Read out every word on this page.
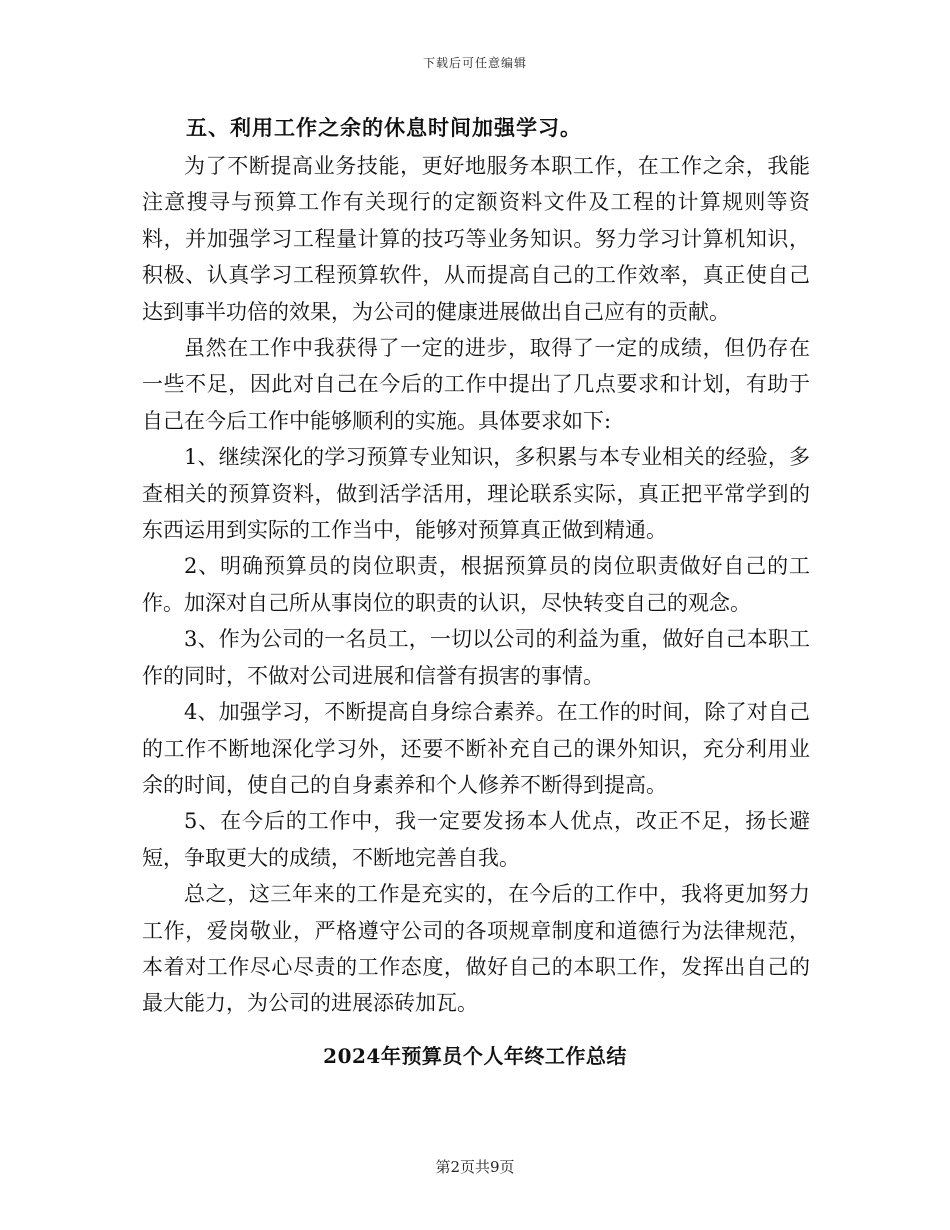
下载后可任意编辑

五、利用工作之余的休息时间加强学习。

为了不断提高业务技能，更好地服务本职工作，在工作之余，我能注意搜寻与预算工作有关现行的定额资料文件及工程的计算规则等资料，并加强学习工程量计算的技巧等业务知识。努力学习计算机知识，积极、认真学习工程预算软件，从而提高自己的工作效率，真正使自己达到事半功倍的效果，为公司的健康进展做出自己应有的贡献。

虽然在工作中我获得了一定的进步，取得了一定的成绩，但仍存在一些不足，因此对自己在今后的工作中提出了几点要求和计划，有助于自己在今后工作中能够顺利的实施。具体要求如下:

1、继续深化的学习预算专业知识，多积累与本专业相关的经验，多查相关的预算资料，做到活学活用，理论联系实际，真正把平常学到的东西运用到实际的工作当中，能够对预算真正做到精通。

2、明确预算员的岗位职责，根据预算员的岗位职责做好自己的工作。加深对自己所从事岗位的职责的认识，尽快转变自己的观念。

3、作为公司的一名员工，一切以公司的利益为重，做好自己本职工作的同时，不做对公司进展和信誉有损害的事情。

4、加强学习，不断提高自身综合素养。在工作的时间，除了对自己的工作不断地深化学习外，还要不断补充自己的课外知识，充分利用业余的时间，使自己的自身素养和个人修养不断得到提高。

5、在今后的工作中，我一定要发扬本人优点，改正不足，扬长避短，争取更大的成绩，不断地完善自我。

总之，这三年来的工作是充实的，在今后的工作中，我将更加努力工作，爱岗敬业，严格遵守公司的各项规章制度和道德行为法律规范，本着对工作尽心尽责的工作态度，做好自己的本职工作，发挥出自己的最大能力，为公司的进展添砖加瓦。

2024年预算员个人年终工作总结
第2页共9页
